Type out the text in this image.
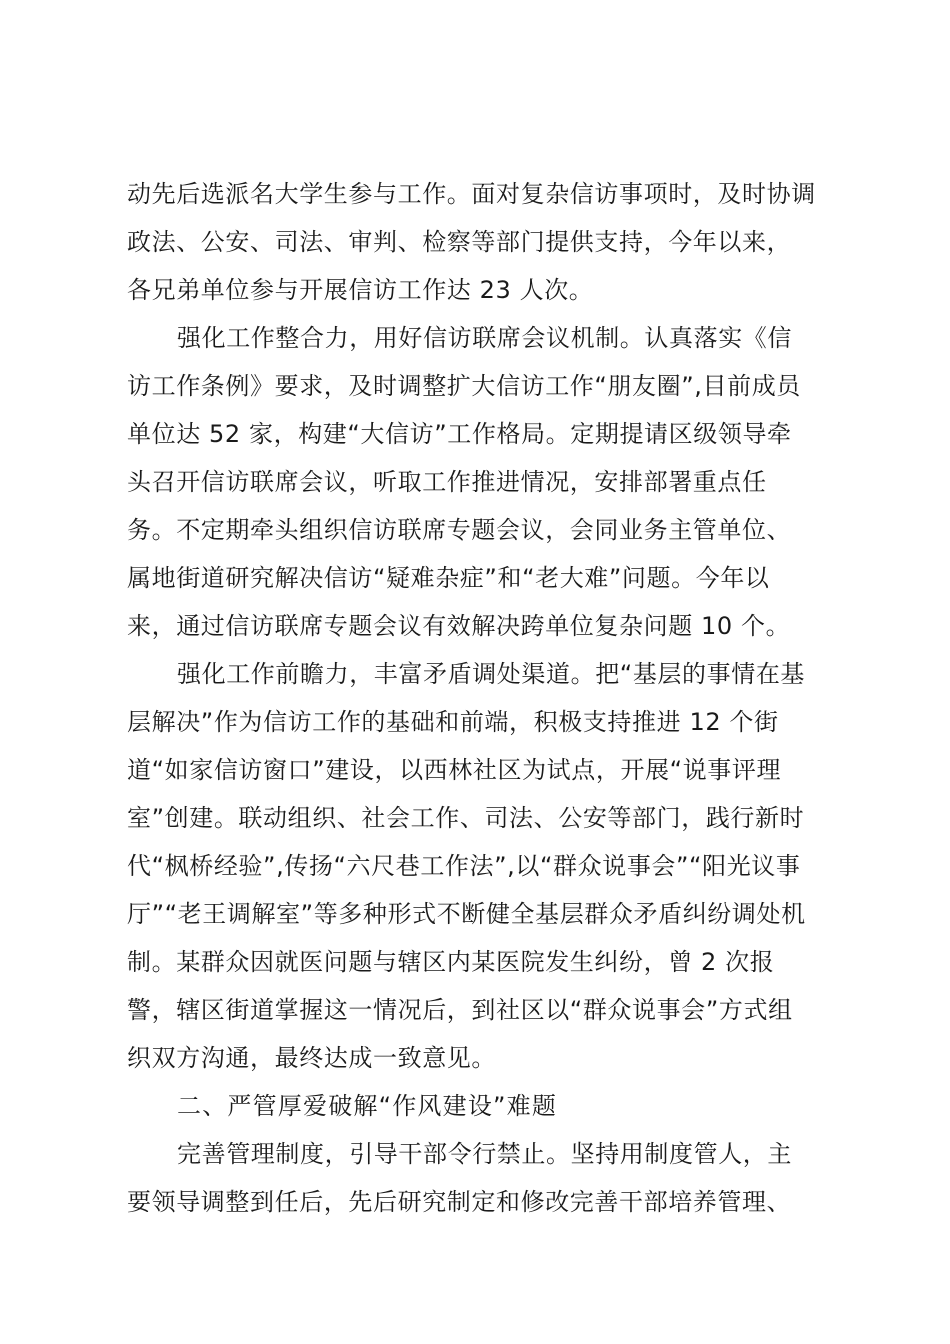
动先后选派名大学生参与工作。面对复杂信访事项时，及时协调
政法、公安、司法、审判、检察等部门提供支持，今年以来，
各兄弟单位参与开展信访工作达 23 人次。
强化工作整合力，用好信访联席会议机制。认真落实《信
访工作条例》要求，及时调整扩大信访工作“朋友圈”,目前成员
单位达 52 家，构建“大信访”工作格局。定期提请区级领导牵
头召开信访联席会议，听取工作推进情况，安排部署重点任
务。不定期牵头组织信访联席专题会议，会同业务主管单位、
属地街道研究解决信访“疑难杂症”和“老大难”问题。今年以
来，通过信访联席专题会议有效解决跨单位复杂问题 10 个。
强化工作前瞻力，丰富矛盾调处渠道。把“基层的事情在基
层解决”作为信访工作的基础和前端，积极支持推进 12 个街
道“如家信访窗口”建设，以西林社区为试点，开展“说事评理
室”创建。联动组织、社会工作、司法、公安等部门，践行新时
代“枫桥经验”,传扬“六尺巷工作法”,以“群众说事会”“阳光议事
厅”“老王调解室”等多种形式不断健全基层群众矛盾纠纷调处机
制。某群众因就医问题与辖区内某医院发生纠纷，曾 2 次报
警，辖区街道掌握这一情况后，到社区以“群众说事会”方式组
织双方沟通，最终达成一致意见。
二、严管厚爱破解“作风建设”难题
完善管理制度，引导干部令行禁止。坚持用制度管人，主
要领导调整到任后，先后研究制定和修改完善干部培养管理、
